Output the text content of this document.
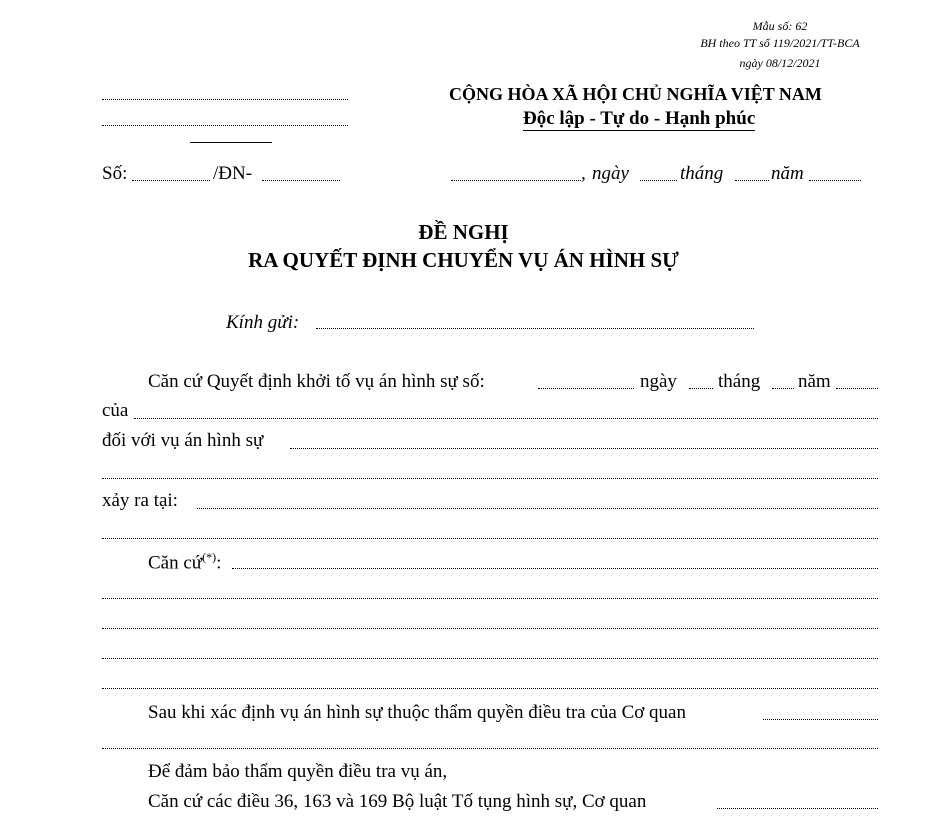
Mẫu số: 62
BH theo TT số 119/2021/TT-BCA
ngày 08/12/2021
CỘNG HÒA XÃ HỘI CHỦ NGHĨA VIỆT NAM
Độc lập - Tự do - Hạnh phúc
Số:	/ĐN-	, ngày	tháng	năm
ĐỀ NGHỊ
RA QUYẾT ĐỊNH CHUYỂN VỤ ÁN HÌNH SỰ
Kính gửi:
Căn cứ Quyết định khởi tố vụ án hình sự số:	ngày tháng năm
của
đối với vụ án hình sự
xảy ra tại:
Căn cứ(*):
Sau khi xác định vụ án hình sự thuộc thẩm quyền điều tra của Cơ quan
Để đảm bảo thẩm quyền điều tra vụ án,
Căn cứ các điều 36, 163 và 169 Bộ luật Tố tụng hình sự, Cơ quan
